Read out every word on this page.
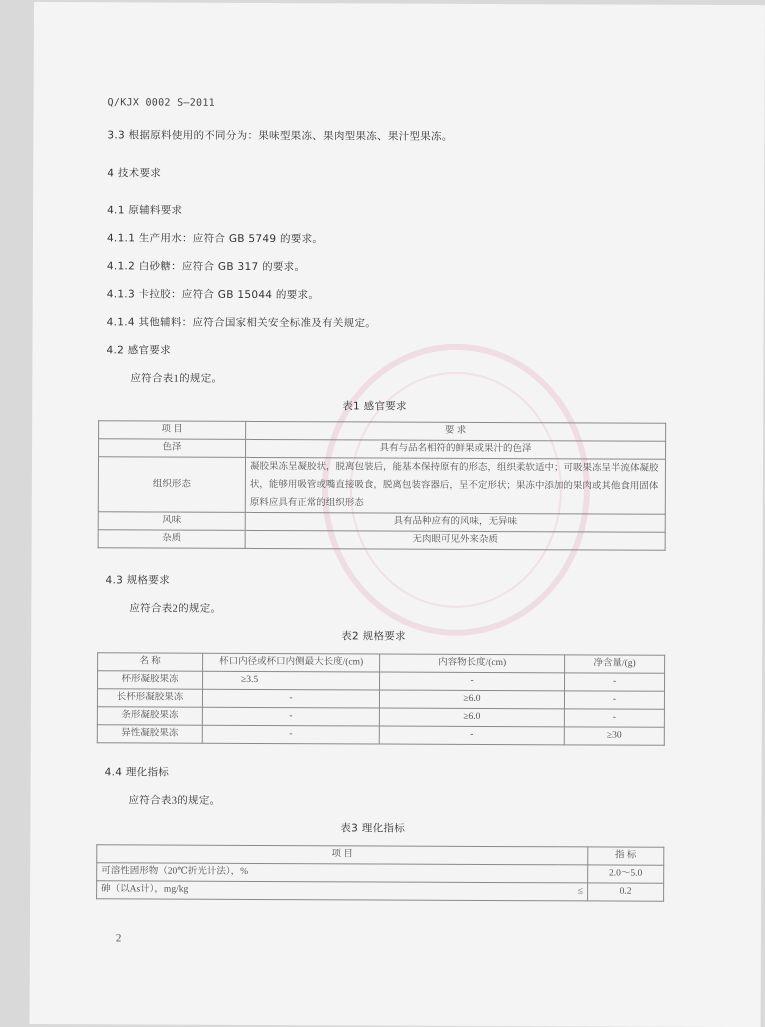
Q/KJX 0002 S—2011
3.3 根据原料使用的不同分为：果味型果冻、果肉型果冻、果汁型果冻。
4 技术要求
4.1 原辅料要求
4.1.1 生产用水：应符合 GB 5749 的要求。
4.1.2 白砂糖：应符合 GB 317 的要求。
4.1.3 卡拉胶：应符合 GB 15044 的要求。
4.1.4 其他辅料：应符合国家相关安全标准及有关规定。
4.2 感官要求
应符合表1的规定。
表1 感官要求
项 目	要 求
色泽	具有与品名相符的鲜果或果汁的色泽
组织形态	凝胶果冻呈凝胶状，脱离包装后，能基本保持原有的形态，组织柔软适中；可吸果冻呈半流体凝胶状，能够用吸管或嘴直接吸食，脱离包装容器后，呈不定形状；果冻中添加的果肉或其他食用固体原料应具有正常的组织形态
风味	具有品种应有的风味，无异味
杂质	无肉眼可见外来杂质
4.3 规格要求
应符合表2的规定。
表2 规格要求
名 称	杯口内径或杯口内侧最大长度/(cm)	内容物长度/(cm)	净含量/(g)
杯形凝胶果冻	≥3.5	-	-
长杯形凝胶果冻	-	≥6.0	-
条形凝胶果冻	-	≥6.0	-
异性凝胶果冻	-	-	≥30
4.4 理化指标
应符合表3的规定。
表3 理化指标
项 目		指 标
可溶性固形物（20℃折光计法），%		2.0～5.0
砷（以As计），mg/kg	≤	0.2
2
